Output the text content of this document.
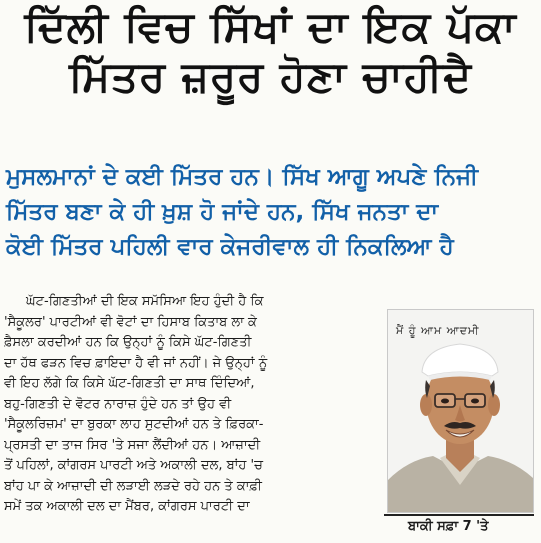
ਦਿੱਲੀ ਵਿਚ ਸਿੱਖਾਂ ਦਾ ਇਕ ਪੱਕਾ
ਮਿੱਤਰ ਜ਼ਰੂਰ ਹੋਣਾ ਚਾਹੀਦੈ
ਮੁਸਲਮਾਨਾਂ ਦੇ ਕਈ ਮਿੱਤਰ ਹਨ। ਸਿੱਖ ਆਗੂ ਅਪਣੇ ਨਿਜੀ
ਮਿੱਤਰ ਬਣਾ ਕੇ ਹੀ ਖ਼ੁਸ਼ ਹੋ ਜਾਂਦੇ ਹਨ, ਸਿੱਖ ਜਨਤਾ ਦਾ
ਕੋਈ ਮਿੱਤਰ ਪਹਿਲੀ ਵਾਰ ਕੇਜਰੀਵਾਲ ਹੀ ਨਿਕਲਿਆ ਹੈ
ਘੱਟ-ਗਿਣਤੀਆਂ ਦੀ ਇਕ ਸਮੱਸਿਆ ਇਹ ਹੁੰਦੀ ਹੈ ਕਿ
'ਸੈਕੂਲਰ' ਪਾਰਟੀਆਂ ਵੀ ਵੋਟਾਂ ਦਾ ਹਿਸਾਬ ਕਿਤਾਬ ਲਾ ਕੇ
ਫ਼ੈਸਲਾ ਕਰਦੀਆਂ ਹਨ ਕਿ ਉਨ੍ਹਾਂ ਨੂੰ ਕਿਸੇ ਘੱਟ-ਗਿਣਤੀ
ਦਾ ਹੱਥ ਫੜਨ ਵਿਚ ਫ਼ਾਇਦਾ ਹੈ ਵੀ ਜਾਂ ਨਹੀਂ। ਜੇ ਉਨ੍ਹਾਂ ਨੂੰ
ਵੀ ਇਹ ਲੱਗੇ ਕਿ ਕਿਸੇ ਘੱਟ-ਗਿਣਤੀ ਦਾ ਸਾਥ ਦਿੰਦਿਆਂ,
ਬਹੁ-ਗਿਣਤੀ ਦੇ ਵੋਟਰ ਨਾਰਾਜ਼ ਹੁੰਦੇ ਹਨ ਤਾਂ ਉਹ ਵੀ
'ਸੈਕੂਲਰਿਜ਼ਮ' ਦਾ ਬੁਰਕਾ ਲਾਹ ਸੁਟਦੀਆਂ ਹਨ ਤੇ ਫ਼ਿਰਕਾ-
ਪ੍ਰਸਤੀ ਦਾ ਤਾਜ ਸਿਰ 'ਤੇ ਸਜਾ ਲੈਂਦੀਆਂ ਹਨ। ਆਜ਼ਾਦੀ
ਤੋਂ ਪਹਿਲਾਂ, ਕਾਂਗਰਸ ਪਾਰਟੀ ਅਤੇ ਅਕਾਲੀ ਦਲ, ਬਾਂਹ 'ਚ
ਬਾਂਹ ਪਾ ਕੇ ਆਜ਼ਾਦੀ ਦੀ ਲੜਾਈ ਲੜਦੇ ਰਹੇ ਹਨ ਤੇ ਕਾਫ਼ੀ
ਸਮੇਂ ਤਕ ਅਕਾਲੀ ਦਲ ਦਾ ਮੈਂਬਰ, ਕਾਂਗਰਸ ਪਾਰਟੀ ਦਾ
ਮੈਂ ਹੂੰ ਆਮ ਆਦਮੀ
ਬਾਕੀ ਸਫ਼ਾ 7 'ਤੇ
